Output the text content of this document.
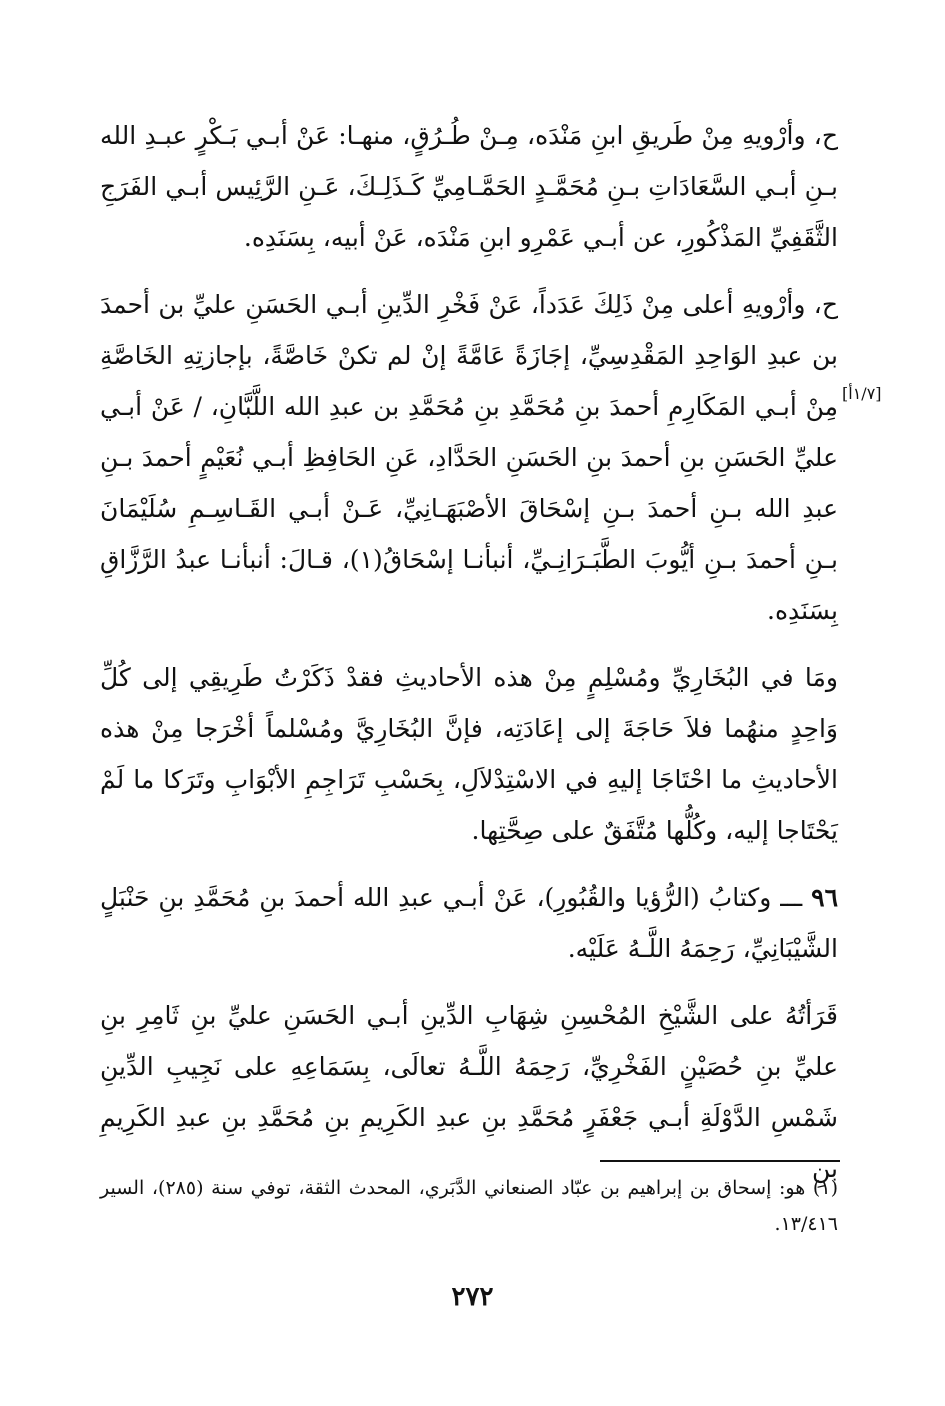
ح، وأرْويهِ مِنْ طَريقِ ابنِ مَنْدَه، مِـنْ طُـرُقٍ، منهـا: عَنْ أبـي بَـكْرٍ عبـدِ الله بـنِ أبـي السَّعَادَاتِ بـنِ مُحَمَّـدٍ الحَمَّـامِيِّ كَـذَلِـكَ، عَـنِ الرَّئِيس أبـي الفَرَجِ الثَّقَفِيِّ المَذْكُورِ، عن أبـي عَمْرِو ابنِ مَنْدَه، عَنْ أبيه، بِسَنَدِه.

ح، وأرْويهِ أعلى مِنْ ذَلِكَ عَدَداً، عَنْ فَخْرِ الدِّينِ أبـي الحَسَنِ عليِّ بن أحمدَ بن عبدِ الوَاحِدِ المَقْدِسِيِّ، إجَازَةً عَامَّةً إنْ لم تكنْ خَاصَّةً، بإجازتِهِ الخَاصَّةِ مِنْ أبـي المَكَارِمِ أحمدَ بنِ مُحَمَّدِ بنِ مُحَمَّدِ بن عبدِ الله اللَّبَّانِ، / عَنْ أبـي عليِّ الحَسَنِ بنِ أحمدَ بنِ الحَسَنِ الحَدَّادِ، عَنِ الحَافِظِ أبـي نُعَيْمٍ أحمدَ بـنِ عبدِ الله بـنِ أحمدَ بـنِ إسْحَاقَ الأصْبَهَـانِيِّ، عَـنْ أبـي القَـاسِـمِ سُلَيْمَانَ بـنِ أحمدَ بـنِ أيُّوبَ الطَّبَـرَانِـيِّ، أنبأنـا إسْحَاقُ(١)، قـالَ: أنبأنـا عبدُ الرَّزَّاقِ بِسَنَدِه.

ومَا في البُخَارِيِّ ومُسْلِمٍ مِنْ هذه الأحاديثِ فقدْ ذَكَرْتُ طَرِيقِي إلى كُلِّ وَاحِدٍ منهُما فلاَ حَاجَةَ إلى إعَادَتِه، فإنَّ البُخَارِيَّ ومُسْلماً أخْرَجا مِنْ هذه الأحاديثِ ما احْتَاجَا إليهِ في الاسْتِدْلاَلِ، بِحَسْبِ تَرَاجِمِ الأبْوَابِ وتَرَكا ما لَمْ يَحْتَاجا إليه، وكُلُّها مُتَّفَقٌ على صِحَّتِها.

٩٦ ـــ وكتابُ (الرُّؤيا والقُبُورِ)، عَنْ أبـي عبدِ الله أحمدَ بنِ مُحَمَّدِ بنِ حَنْبَلٍ الشَّيْبَانِيِّ، رَحِمَهُ اللَّـهُ عَلَيْه.

قَرَأتُهُ على الشَّيْخِ المُحْسِنِ شِهَابِ الدِّينِ أبـي الحَسَنِ عليِّ بنِ ثَامِرِ بنِ عليِّ بنِ حُصَيْنٍ الفَخْرِيِّ، رَحِمَهُ اللَّـهُ تعالَى، بِسَمَاعِهِ على نَجِيبِ الدِّينِ شَمْسِ الدَّوْلَةِ أبـي جَعْفَرٍ مُحَمَّدِ بنِ عبدِ الكَرِيمِ بنِ مُحَمَّدِ بنِ عبدِ الكَرِيمِ بنِ

[١/٧أ]
(١) هو: إسحاق بن إبراهيم بن عبّاد الصنعاني الدَّبَري، المحدث الثقة، توفي سنة (٢٨٥)، السير ١٣/٤١٦.
٢٧٢
